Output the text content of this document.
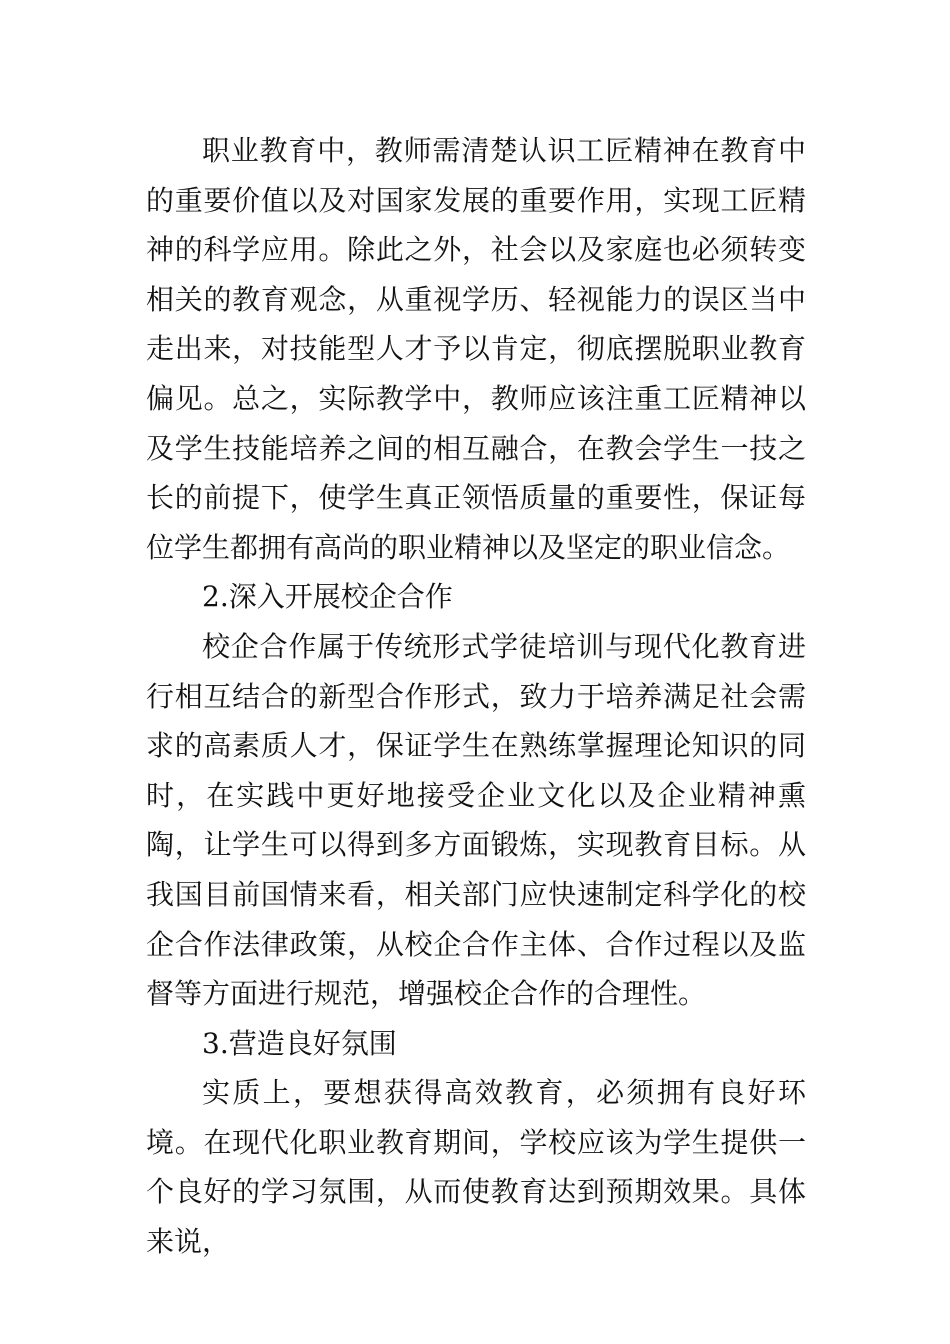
职业教育中，教师需清楚认识工匠精神在教育中的重要价值以及对国家发展的重要作用，实现工匠精神的科学应用。除此之外，社会以及家庭也必须转变相关的教育观念，从重视学历、轻视能力的误区当中走出来，对技能型人才予以肯定，彻底摆脱职业教育偏见。总之，实际教学中，教师应该注重工匠精神以及学生技能培养之间的相互融合，在教会学生一技之长的前提下，使学生真正领悟质量的重要性，保证每位学生都拥有高尚的职业精神以及坚定的职业信念。

2.深入开展校企合作

校企合作属于传统形式学徒培训与现代化教育进行相互结合的新型合作形式，致力于培养满足社会需求的高素质人才，保证学生在熟练掌握理论知识的同时，在实践中更好地接受企业文化以及企业精神熏陶，让学生可以得到多方面锻炼，实现教育目标。从我国目前国情来看，相关部门应快速制定科学化的校企合作法律政策，从校企合作主体、合作过程以及监督等方面进行规范，增强校企合作的合理性。

3.营造良好氛围

实质上，要想获得高效教育，必须拥有良好环境。在现代化职业教育期间，学校应该为学生提供一个良好的学习氛围，从而使教育达到预期效果。具体来说，
